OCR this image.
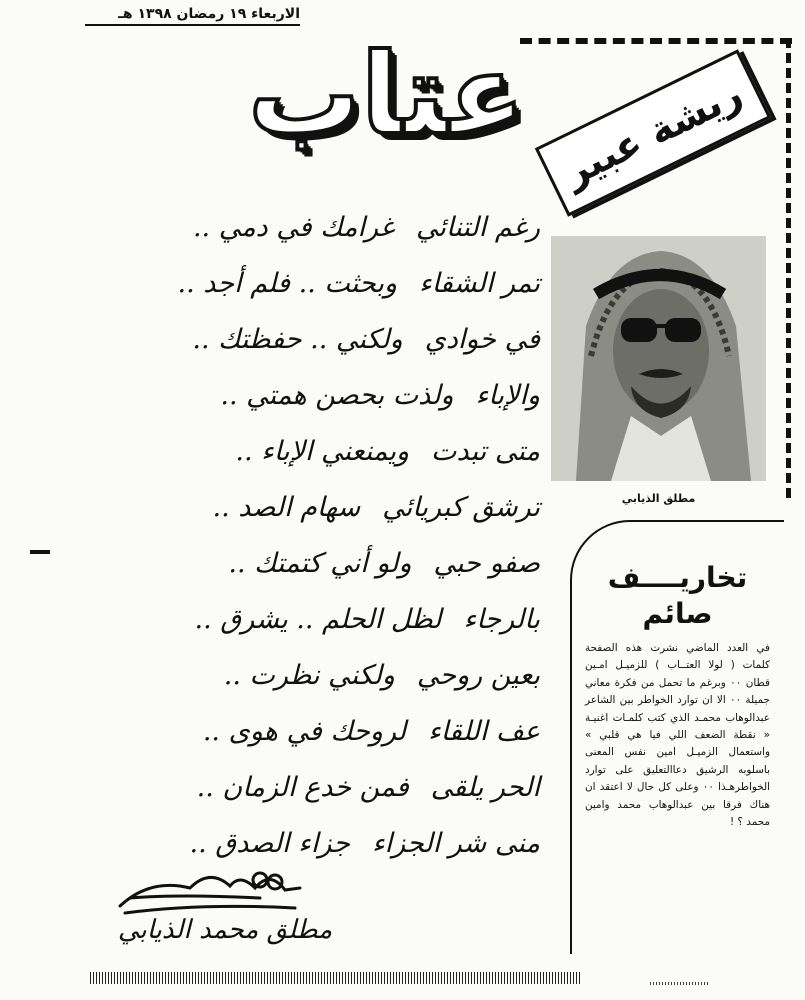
الاربعاء ١٩ رمضان ١٣٩٨ هـ
عتاب ريشة عبير
مطلق الذيابي
رغم التنائيغرامك في دمي ..
تمر الشقاءوبحثت .. فلم أجد ..
في خواديولكني .. حفظتك ..
والإباءولذت بحصن همتي ..
متى تبدتويمنعني الإباء ..
ترشق كبريائيسهام الصد ..
صفو حبيولو أني كتمتك ..
بالرجاءلظل الحلم .. يشرق ..
بعين روحيولكني نظرت ..
عف اللقاءلروحك في هوى ..
الحر يلقىفمن خدع الزمان ..
منى شر الجزاءجزاء الصدق ..
مطلق محمد الذيابي
تخاريــــف
صائم
في العدد الماضي نشرت هذه الصفحة كلمات ( لولا العتــاب ) للزميـل امـين قطان ٠٠ وبرغم ما تحمل من فكرة معاني جميلة ٠٠ الا ان توارد الخواطر بين الشاعر عبدالوهاب محمـد الذي كتب كلمـات اغنيـة « نقطة الضعف اللي فيا هي قلبي » واستعمال الزميـل امين نفس المعنى باسلوبه الرشيق دعاالتعليق على توارد الخواطرهـذا ٠٠ وعلى كل حال لا اعتقد ان هناك فرقا بين عبدالوهاب محمد وامين محمد ؟ !
